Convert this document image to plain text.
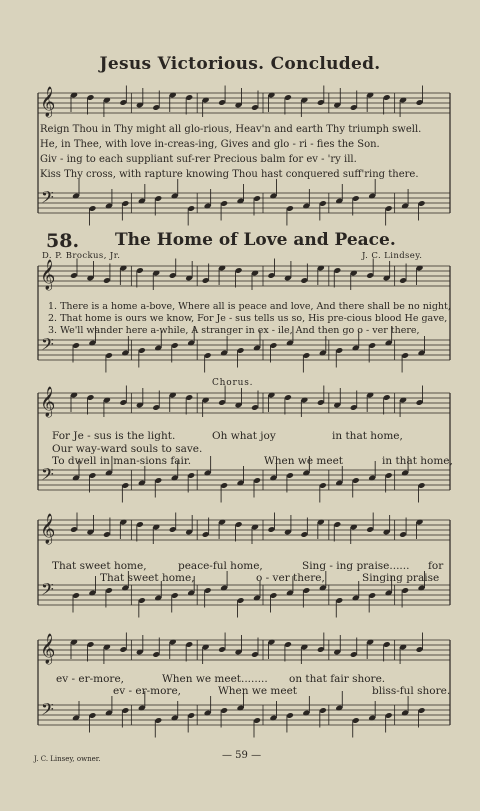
𝄞
𝄢
𝄞
𝄢
𝄞
𝄢
𝄞
𝄢
𝄞
𝄢
Jesus Victorious. Concluded.
Reign Thou in Thy might all glo-rious, Heav'n and earth Thy triumph swell.
He, in Thee, with love in-creas-ing, Gives and glo - ri - fies the Son.
Giv - ing to each suppliant suf-rer Precious balm for ev - 'ry ill.
Kiss Thy cross, with rapture knowing Thou hast conquered suff'ring there.
58. The Home of Love and Peace.
D. P. Brockus, Jr.	J. C. Lindsey.
1. There is a home a-bove, Where all is peace and love, And there shall be no night,
2. That home is ours we know, For Je - sus tells us so, His pre-cious blood He gave,
3. We'll wander here a-while, A stranger in ex - ile, And then go o - ver there,
Chorus.
For Je - sus is the light.
Our way-ward souls to save.
To dwell in man-sions fair.
Oh what joy	in that home,
When we meet	in that home,
That sweet home,	peace-ful home,	Sing - ing praise...... for
That sweet home,	o - ver there,	Singing praise
ev - er-more,	When we meet........ on that fair shore.
ev - er-more,	When we meet	bliss-ful shore.
J. C. Linsey, owner.	— 59 —
